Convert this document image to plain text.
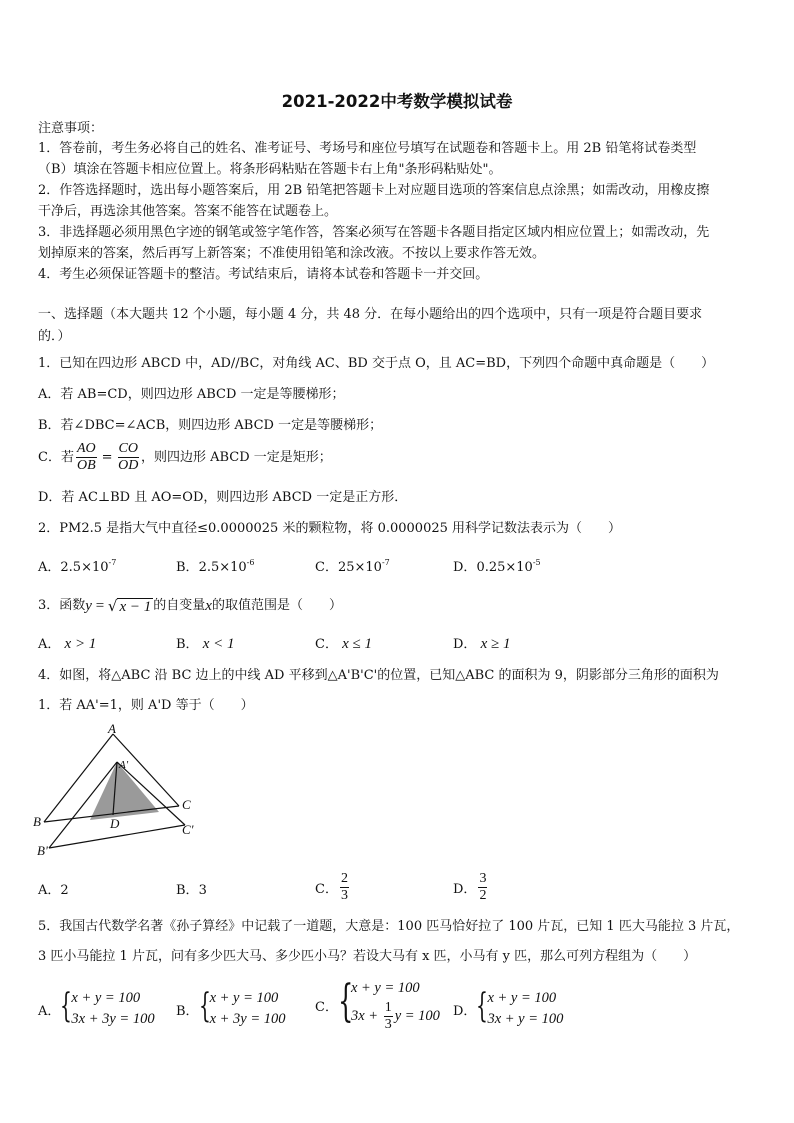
2021-2022中考数学模拟试卷
注意事项：
1．答卷前，考生务必将自己的姓名、准考证号、考场号和座位号填写在试题卷和答题卡上。用 2B 铅笔将试卷类型
（B）填涂在答题卡相应位置上。将条形码粘贴在答题卡右上角"条形码粘贴处"。
2．作答选择题时，选出每小题答案后，用 2B 铅笔把答题卡上对应题目选项的答案信息点涂黑；如需改动，用橡皮擦
干净后，再选涂其他答案。答案不能答在试题卷上。
3．非选择题必须用黑色字迹的钢笔或签字笔作答，答案必须写在答题卡各题目指定区域内相应位置上；如需改动，先
划掉原来的答案，然后再写上新答案；不准使用铅笔和涂改液。不按以上要求作答无效。
4．考生必须保证答题卡的整洁。考试结束后，请将本试卷和答题卡一并交回。
一、选择题（本大题共 12 个小题，每小题 4 分，共 48 分．在每小题给出的四个选项中，只有一项是符合题目要求
的．）
1．已知在四边形 ABCD 中，AD//BC，对角线 AC、BD 交于点 O，且 AC=BD，下列四个命题中真命题是（　　）
A．若 AB=CD，则四边形 ABCD 一定是等腰梯形；
B．若∠DBC=∠ACB，则四边形 ABCD 一定是等腰梯形；
C．若 $\frac{AO}{OB} = \frac{CO}{OD}$ ，则四边形 ABCD 一定是矩形；
D．若 AC⊥BD 且 AO=OD，则四边形 ABCD 一定是正方形．
2．PM2.5 是指大气中直径≤0.0000025 米的颗粒物，将 0.0000025 用科学记数法表示为（　　）
A．$2.5\times 10^{-7}$	B．$2.5\times 10^{-6}$	C．$25\times 10^{-7}$	D．$0.25\times 10^{-5}$
3．函数 y = √ x − 1 的自变量 x 的取值范围是（　　）
A． x > 1	B． x < 1	C． x ≤ 1	D． x ≥ 1
4．如图，将△ABC 沿 BC 边上的中线 AD 平移到△A'B'C'的位置，已知△ABC 的面积为 9，阴影部分三角形的面积为
1．若 AA'=1，则 A'D 等于（　　）
A
A'
B
B'
C
C'
D
A．2	B．3	C． $\frac{2}{3}$	D． $\frac{3}{2}$
5．我国古代数学名著《孙子算经》中记载了一道题，大意是：100 匹马恰好拉了 100 片瓦，已知 1 匹大马能拉 3 片瓦，
3 匹小马能拉 1 片瓦，问有多少匹大马、多少匹小马？若设大马有 x 匹，小马有 y 匹，那么可列方程组为（　　）
A． { x + y = 100
3x + 3y = 100 B． { x + y = 100
x + 3y = 100
C． {
x + y = 100
$3x + \frac{1}{3}$ y = 100 D． { x + y = 100
3x + y = 100
